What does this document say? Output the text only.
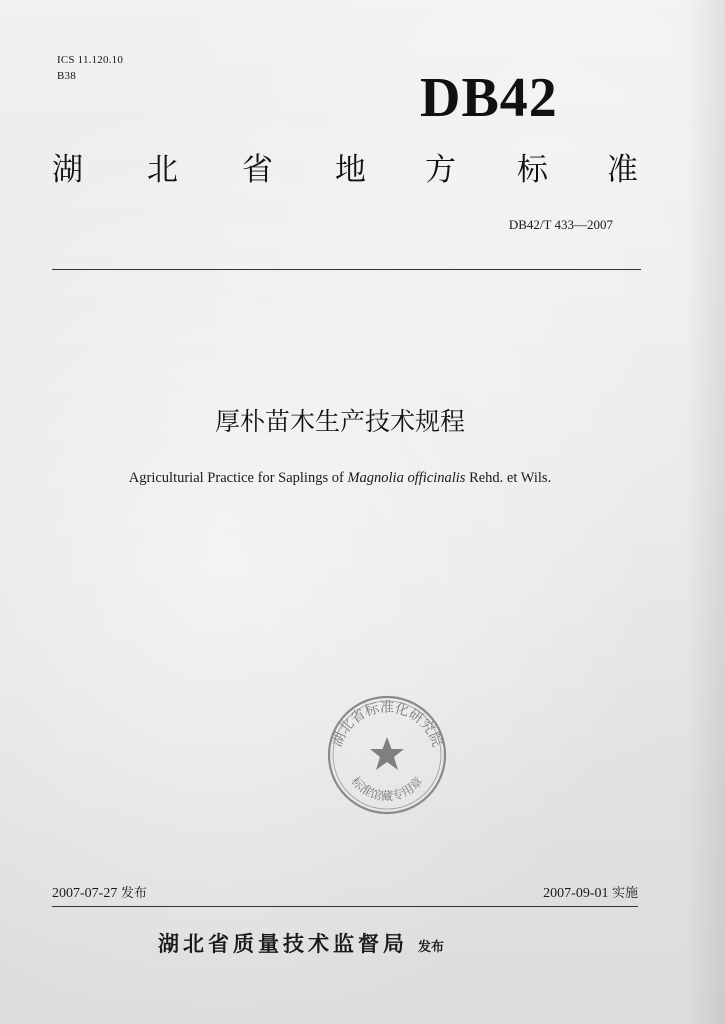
ICS 11.120.10
B38	DB42
湖 北 省 地 方 标 准
DB42/T 433—2007
厚朴苗木生产技术规程
Agriculturial Practice for Saplings of Magnolia officinalis Rehd. et Wils.
湖北省标准化研究院
标准馆藏专用章
2007-07-27 发布	2007-09-01 实施
湖北省质量技术监督局 发布
